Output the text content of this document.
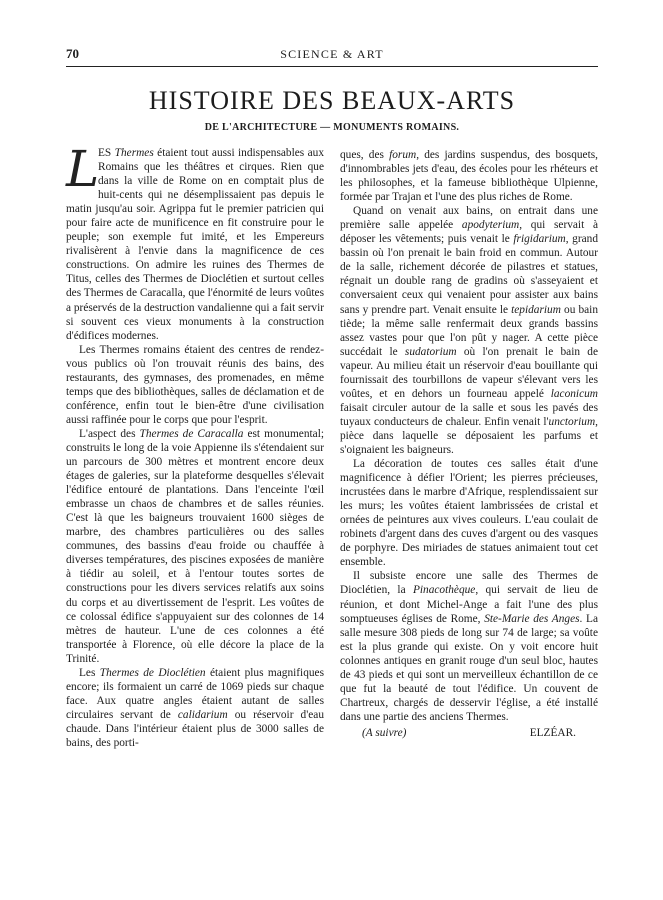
70	SCIENCE & ART
HISTOIRE DES BEAUX-ARTS
DE L'ARCHITECTURE — MONUMENTS ROMAINS.

L
ES Thermes étaient tout aussi indispensables aux Romains que les théâtres et cirques. Rien que dans la ville de Rome on en comptait plus de huit-cents qui ne désemplissaient pas depuis le matin jusqu'au soir. Agrippa fut le premier patricien qui pour faire acte de munificence en fit construire pour le peuple; son exemple fut imité, et les Empereurs rivalisèrent à l'envie dans la magnificence de ces constructions. On admire les ruines des Thermes de Titus, celles des Thermes de Dioclétien et surtout celles des Thermes de Caracalla, que l'énormité de leurs voûtes a préservés de la destruction vandalienne qui a fait servir si souvent ces vieux monuments à la construction d'édifices modernes.

Les Thermes romains étaient des centres de rendez-vous publics où l'on trouvait réunis des bains, des restaurants, des gymnases, des promenades, en même temps que des bibliothèques, salles de déclamation et de conférence, enfin tout le bien-être d'une civilisation aussi raffinée pour le corps que pour l'esprit.

L'aspect des Thermes de Caracalla est monumental; construits le long de la voie Appienne ils s'étendaient sur un parcours de 300 mètres et montrent encore deux étages de galeries, sur la plateforme desquelles s'élevait l'édifice entouré de plantations. Dans l'enceinte l'œil embrasse un chaos de chambres et de salles réunies. C'est là que les baigneurs trouvaient 1600 sièges de marbre, des chambres particulières ou des salles communes, des bassins d'eau froide ou chauffée à diverses températures, des piscines exposées de manière à tiédir au soleil, et à l'entour toutes sortes de constructions pour les divers services relatifs aux soins du corps et au divertissement de l'esprit. Les voûtes de ce colossal édifice s'appuyaient sur des colonnes de 14 mètres de hauteur. L'une de ces colonnes a été transportée à Florence, où elle décore la place de la Trinité.

Les Thermes de Dioclétien étaient plus magnifiques encore; ils formaient un carré de 1069 pieds sur chaque face. Aux quatre angles étaient autant de salles circulaires servant de calidarium ou réservoir d'eau chaude. Dans l'intérieur étaient plus de 3000 salles de bains, des porti-

ques, des forum, des jardins suspendus, des bosquets, d'innombrables jets d'eau, des écoles pour les rhéteurs et les philosophes, et la fameuse bibliothèque Ulpienne, formée par Trajan et l'une des plus riches de Rome.

Quand on venait aux bains, on entrait dans une première salle appelée apodyterium, qui servait à déposer les vêtements; puis venait le frigidarium, grand bassin où l'on prenait le bain froid en commun. Autour de la salle, richement décorée de pilastres et statues, régnait un double rang de gradins où s'asseyaient et conversaient ceux qui venaient pour assister aux bains sans y prendre part. Venait ensuite le tepidarium ou bain tiède; la même salle renfermait deux grands bassins assez vastes pour que l'on pût y nager. A cette pièce succédait le sudatorium où l'on prenait le bain de vapeur. Au milieu était un réservoir d'eau bouillante qui fournissait des tourbillons de vapeur s'élevant vers les voûtes, et en dehors un fourneau appelé laconicum faisait circuler autour de la salle et sous les pavés des tuyaux conducteurs de chaleur. Enfin venait l'unctorium, pièce dans laquelle se déposaient les parfums et s'oignaient les baigneurs.

La décoration de toutes ces salles était d'une magnificence à défier l'Orient; les pierres précieuses, incrustées dans le marbre d'Afrique, resplendissaient sur les murs; les voûtes étaient lambrissées de cristal et ornées de peintures aux vives couleurs. L'eau coulait de robinets d'argent dans des cuves d'argent ou des vasques de porphyre. Des miriades de statues animaient tout cet ensemble.

Il subsiste encore une salle des Thermes de Dioclétien, la Pinacothèque, qui servait de lieu de réunion, et dont Michel-Ange a fait l'une des plus somptueuses églises de Rome, Ste-Marie des Anges. La salle mesure 308 pieds de long sur 74 de large; sa voûte est la plus grande qui existe. On y voit encore huit colonnes antiques en granit rouge d'un seul bloc, hautes de 43 pieds et qui sont un merveilleux échantillon de ce que fut la beauté de tout l'édifice. Un couvent de Chartreux, chargés de desservir l'église, a été installé dans une partie des anciens Thermes.

(A suivre)	ELZÉAR.
